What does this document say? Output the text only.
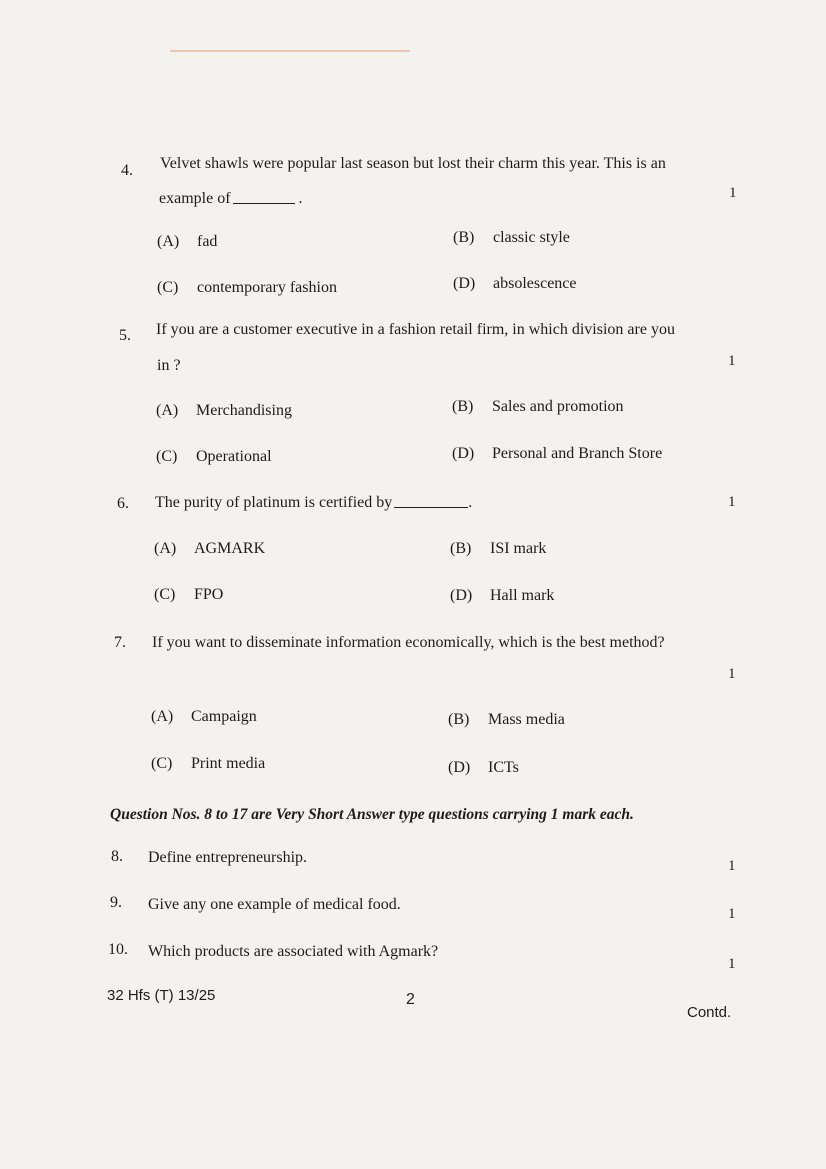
4. Velvet shawls were popular last season but lost their charm this year. This is an
example of	.	1
(A) fad	(B) classic style
(C) contemporary fashion	(D) absolescence
5. If you are a customer executive in a fashion retail firm, in which division are you
in ?	1
(A) Merchandising	(B) Sales and promotion
(C) Operational	(D) Personal and Branch Store
6. The purity of platinum is certified by	.	1
(A) AGMARK	(B) ISI mark
(C) FPO	(D) Hall mark
7. If you want to disseminate information economically, which is the best method?
1
(A) Campaign	(B) Mass media
(C) Print media	(D) ICTs
Question Nos. 8 to 17 are Very Short Answer type questions carrying 1 mark each.
8. Define entrepreneurship.	1
9. Give any one example of medical food.
1
10. Which products are associated with Agmark?
1
32 Hfs (T) 13/25	2
Contd.
